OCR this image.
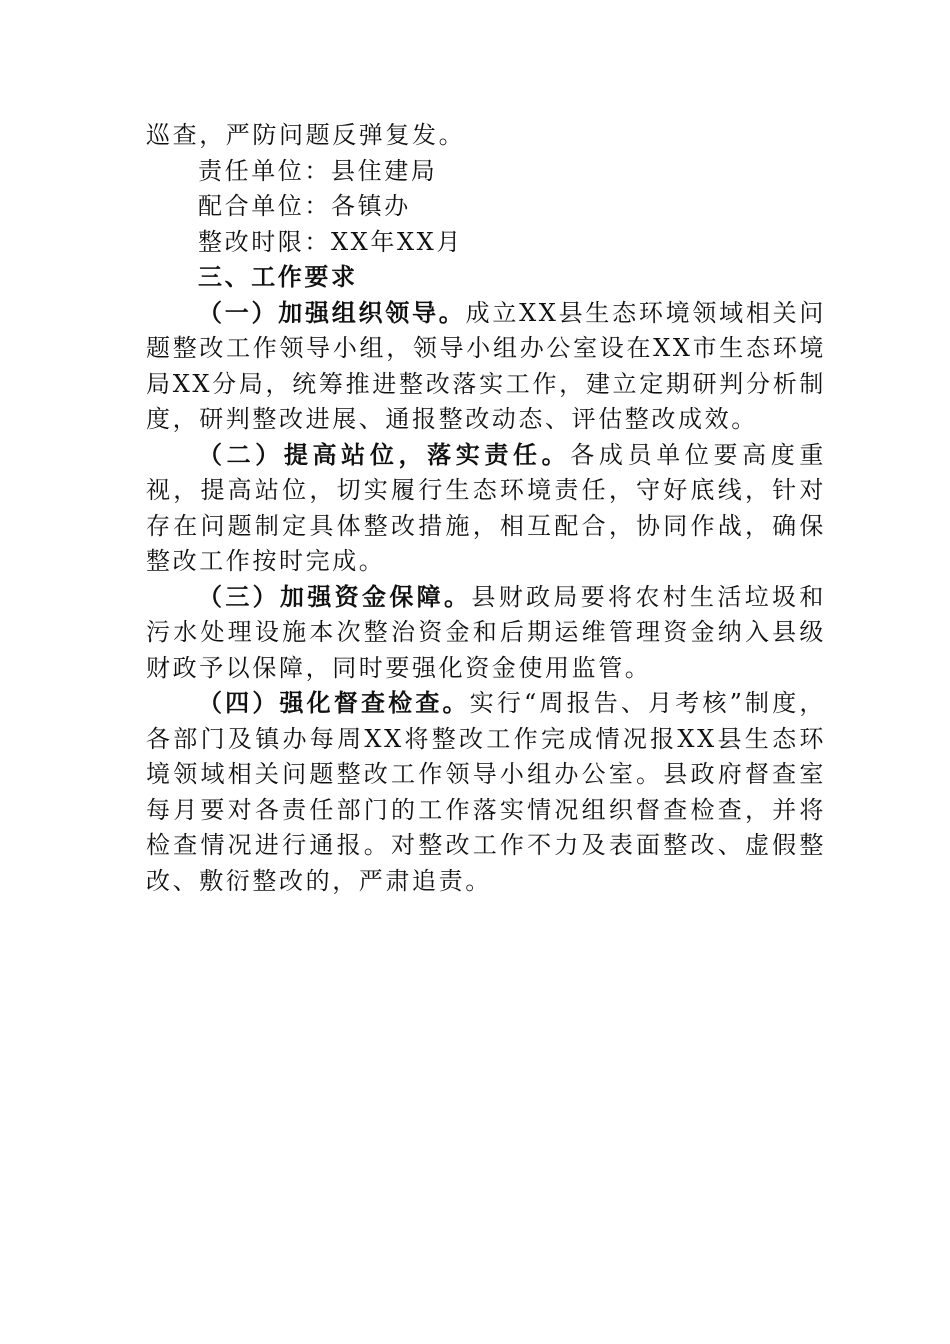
巡查，严防问题反弹复发。

责任单位：县住建局

配合单位：各镇办

整改时限：XX年XX月

三、工作要求

（一）加强组织领导。成立XX县生态环境领域相关问题整改工作领导小组，领导小组办公室设在XX市生态环境局XX分局，统筹推进整改落实工作，建立定期研判分析制度，研判整改进展、通报整改动态、评估整改成效。

（二）提高站位，落实责任。各成员单位要高度重视，提高站位，切实履行生态环境责任，守好底线，针对存在问题制定具体整改措施，相互配合，协同作战，确保整改工作按时完成。

（三）加强资金保障。县财政局要将农村生活垃圾和污水处理设施本次整治资金和后期运维管理资金纳入县级财政予以保障，同时要强化资金使用监管。

（四）强化督查检查。实行“周报告、月考核”制度，各部门及镇办每周XX将整改工作完成情况报XX县生态环境领域相关问题整改工作领导小组办公室。县政府督查室每月要对各责任部门的工作落实情况组织督查检查，并将检查情况进行通报。对整改工作不力及表面整改、虚假整改、敷衍整改的，严肃追责。
